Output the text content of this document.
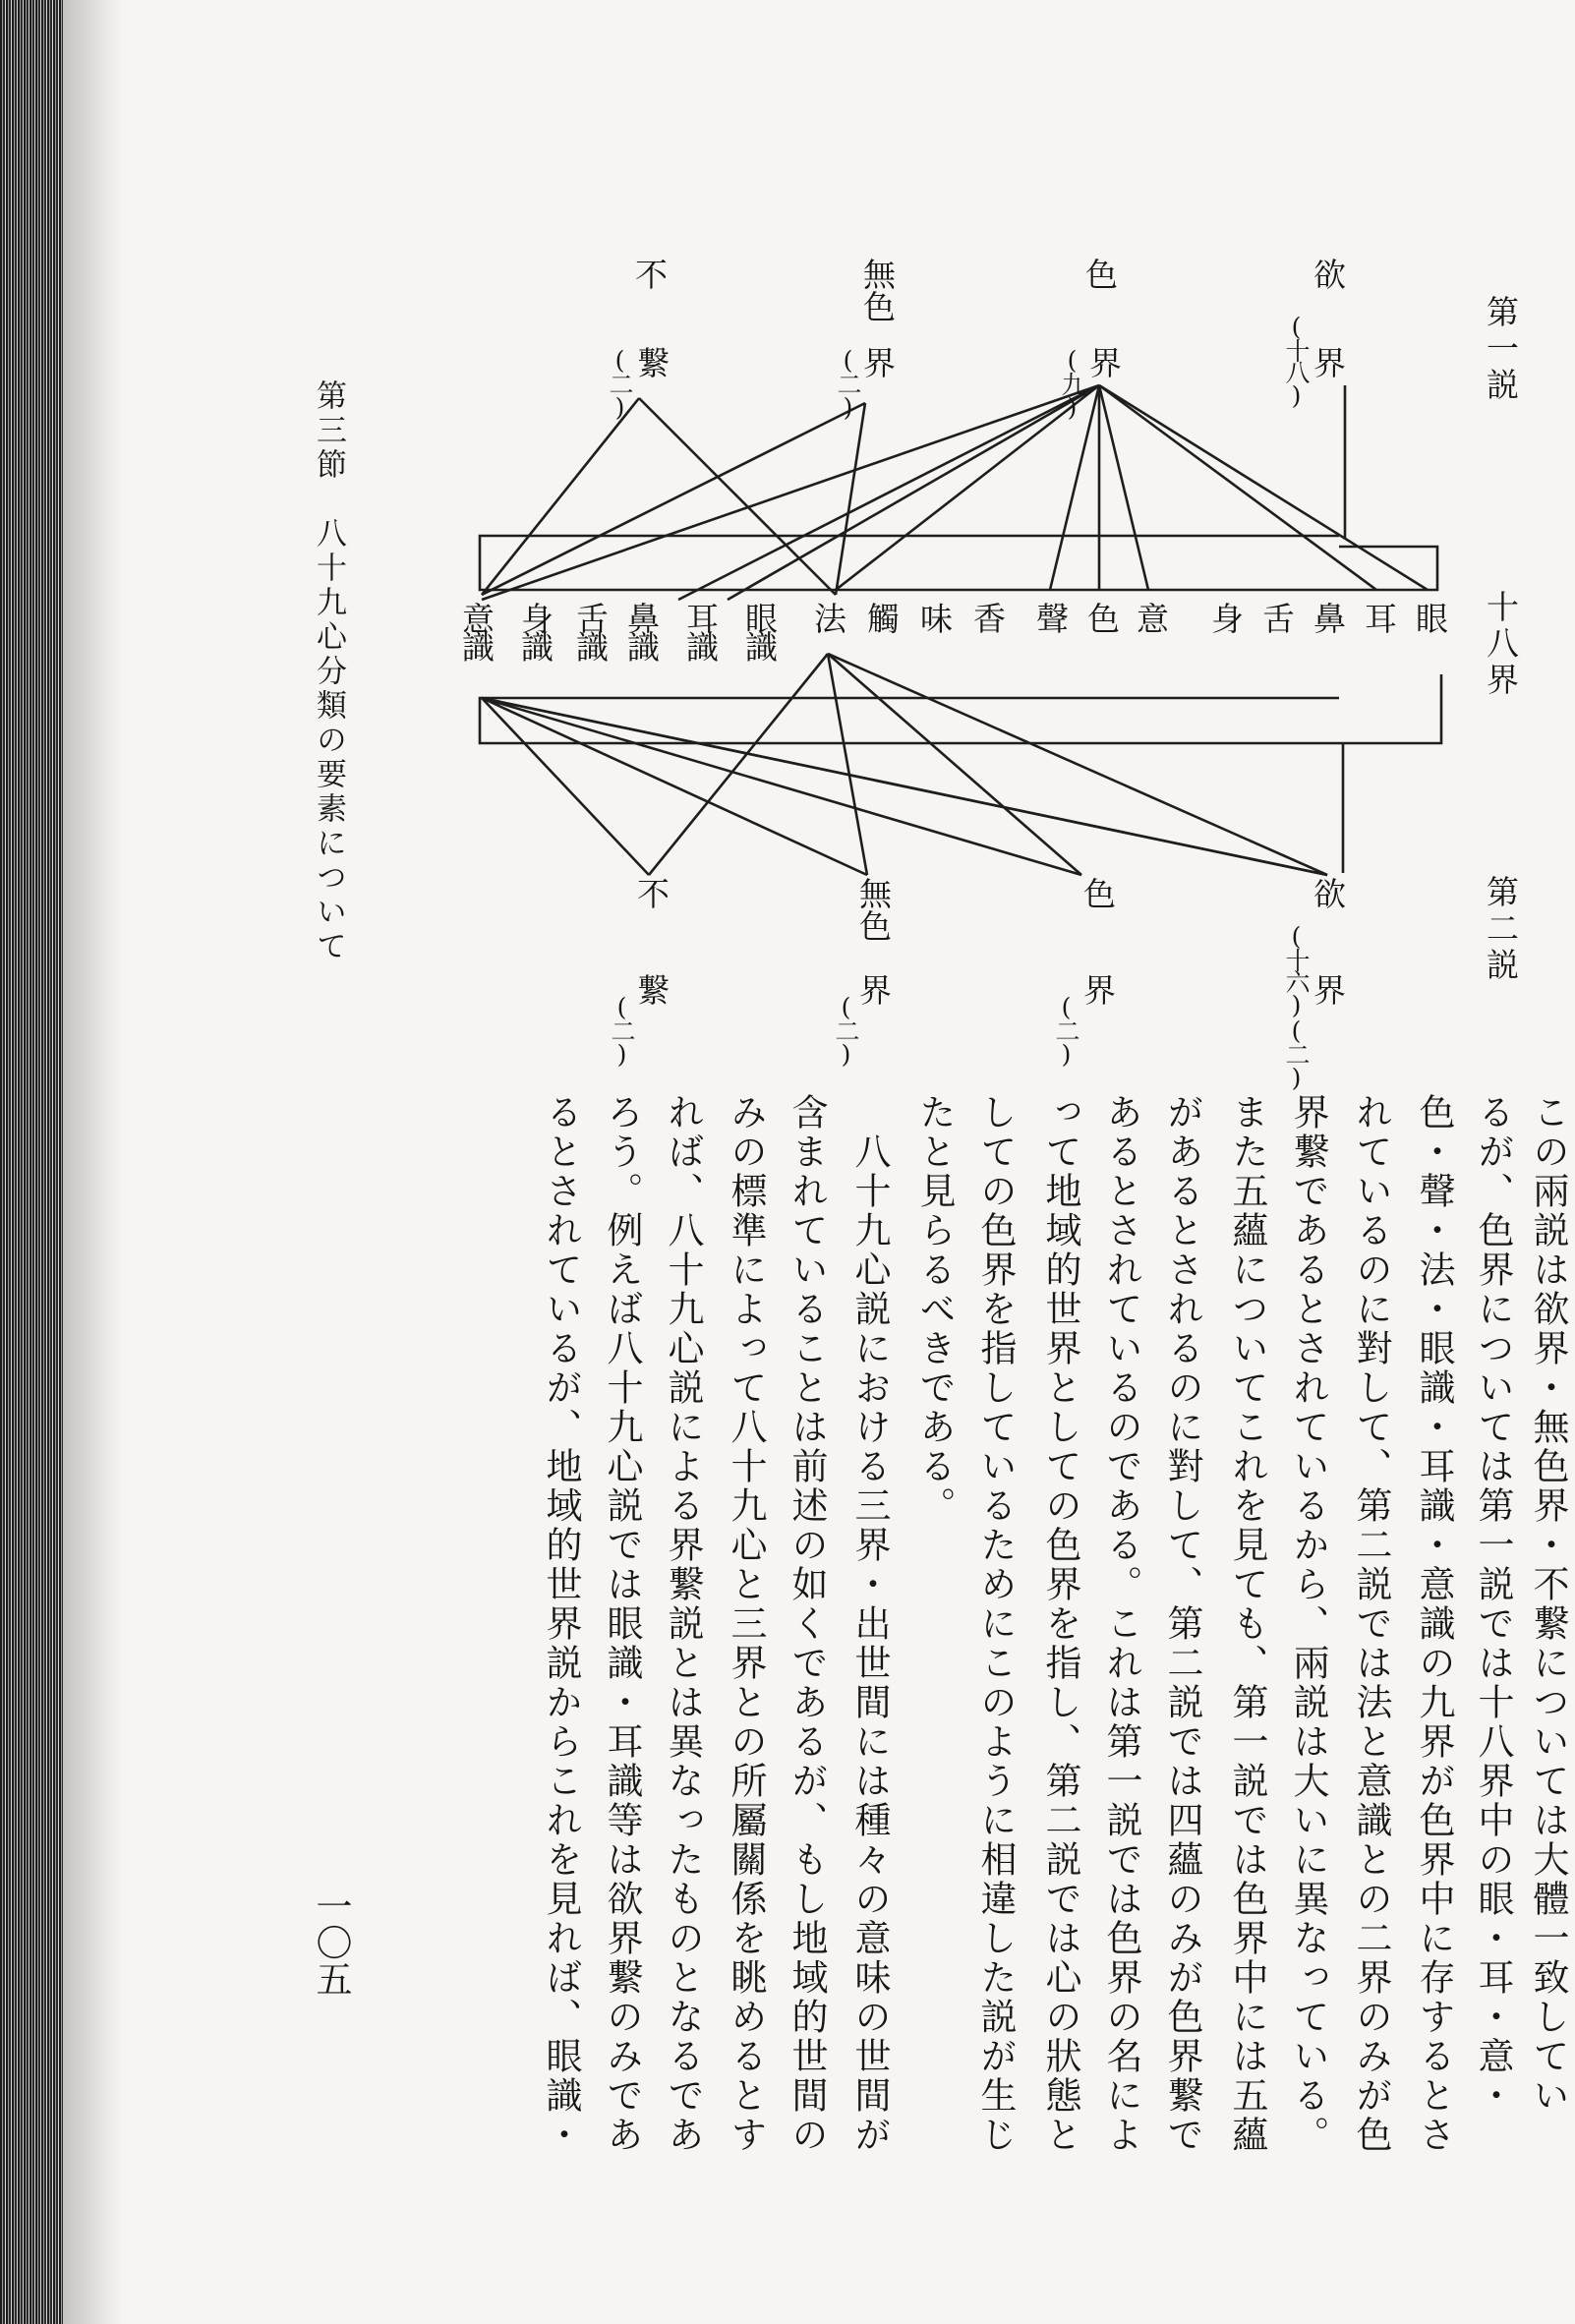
第一説
欲
(十八)
界
色
(九)
界
無色
(二)
界
不
(二)
繋
十八界
眼
耳
鼻
舌
身
意
色
聲
香
味
觸
法
眼識
耳識
鼻識
舌識
身識
意識
第二説
欲
(十六)(二)
界
色
界
(二)
無色
界
(二)
不
繋
(二)
この兩説は欲界・無色界・不繋については大體一致してい
るが、色界については第一説では十八界中の眼・耳・意・
色・聲・法・眼識・耳識・意識の九界が色界中に存するとさ
れているのに對して、第二説では法と意識との二界のみが色
界繋であるとされているから、兩説は大いに異なっている。
また五蘊についてこれを見ても、第一説では色界中には五蘊
があるとされるのに對して、第二説では四蘊のみが色界繋で
あるとされているのである。これは第一説では色界の名によ
って地域的世界としての色界を指し、第二説では心の狀態と
しての色界を指しているためにこのように相違した説が生じ
たと見らるべきである。
　八十九心説における三界・出世間には種々の意味の世間が
含まれていることは前述の如くであるが、もし地域的世間の
みの標準によって八十九心と三界との所屬關係を眺めるとす
れば、八十九心説による界繋説とは異なったものとなるであ
ろう。例えば八十九心説では眼識・耳識等は欲界繋のみであ
るとされているが、地域的世界説からこれを見れば、眼識・
第三節　八十九心分類の要素について
一〇五
